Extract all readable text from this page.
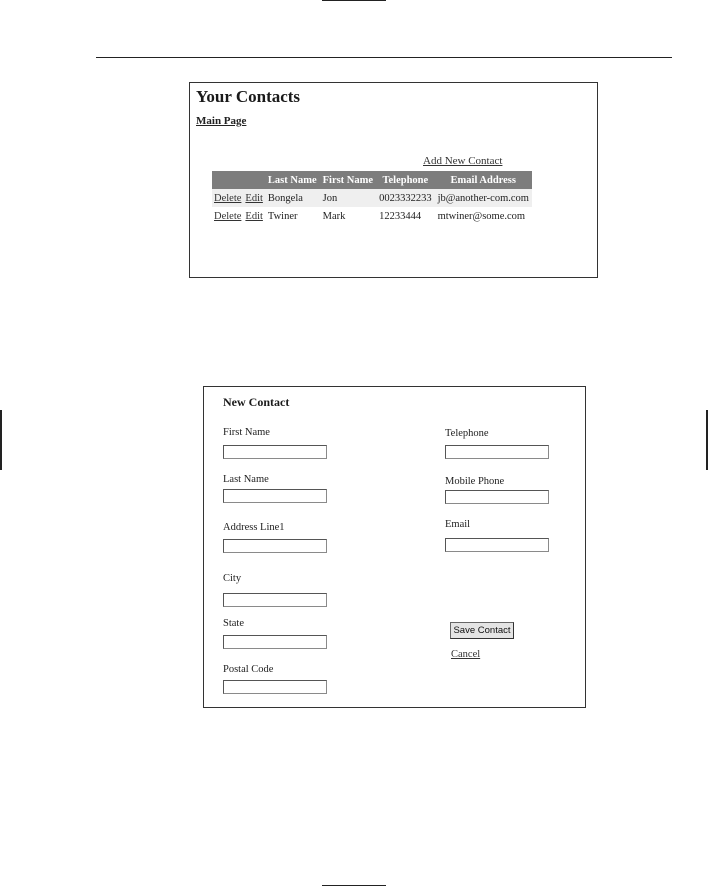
Your Contacts
Main Page
Add New Contact
		Last Name	First Name	Telephone	Email Address
Delete	Edit	Bongela	Jon	0023332233	jb@another-com.com
Delete	Edit	Twiner	Mark	12233444	mtwiner@some.com
New Contact
First Name
Last Name
Address Line1
City
State
Postal Code
Telephone
Mobile Phone
Email
Save Contact
Cancel
